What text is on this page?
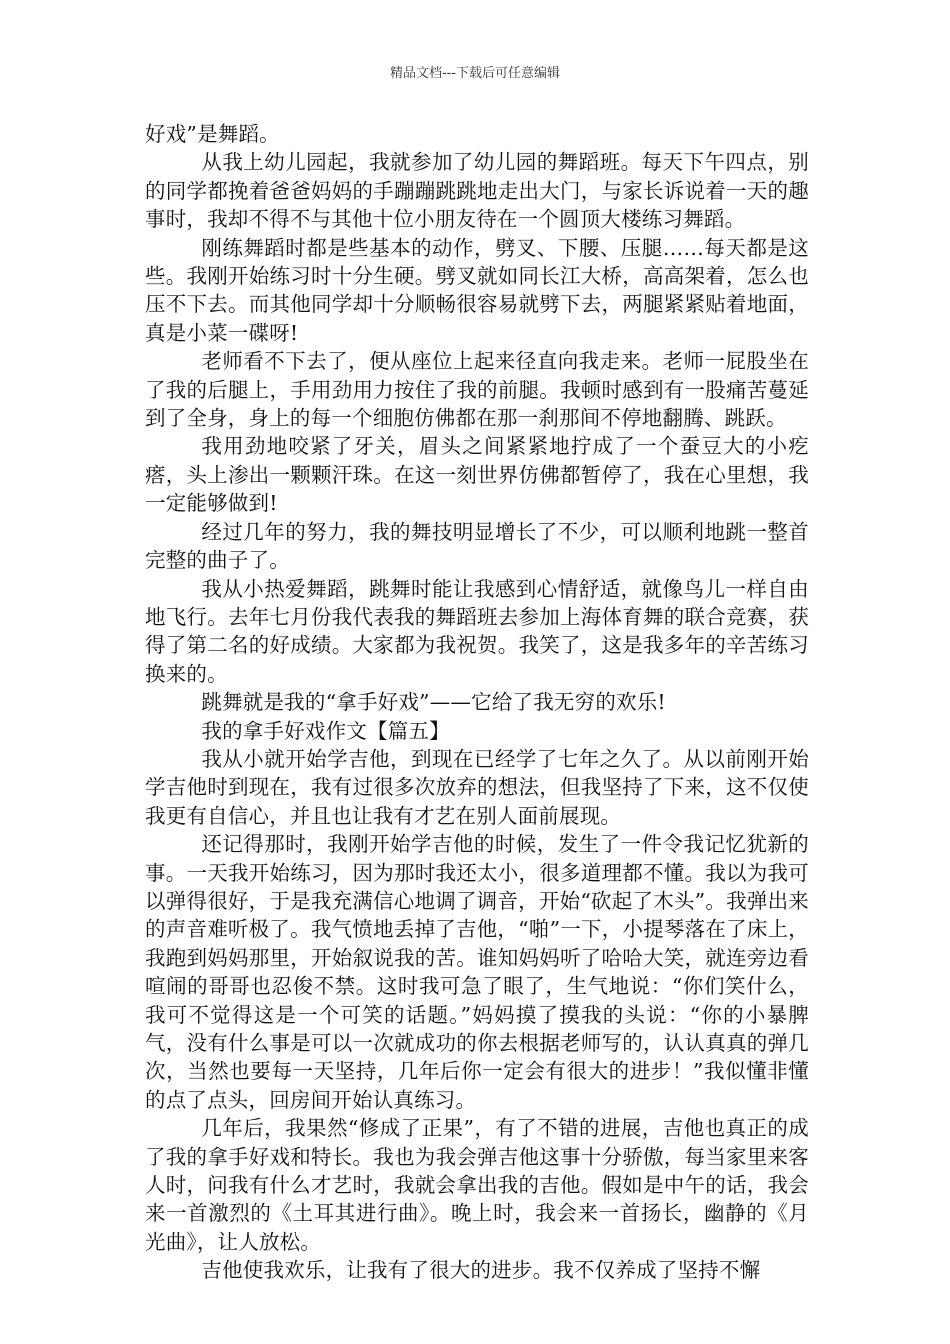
精品文档---下载后可任意编辑

好戏”是舞蹈。

从我上幼儿园起，我就参加了幼儿园的舞蹈班。每天下午四点，别的同学都挽着爸爸妈妈的手蹦蹦跳跳地走出大门，与家长诉说着一天的趣事时，我却不得不与其他十位小朋友待在一个圆顶大楼练习舞蹈。

刚练舞蹈时都是些基本的动作，劈叉、下腰、压腿……每天都是这些。我刚开始练习时十分生硬。劈叉就如同长江大桥，高高架着，怎么也压不下去。而其他同学却十分顺畅很容易就劈下去，两腿紧紧贴着地面，真是小菜一碟呀!

老师看不下去了，便从座位上起来径直向我走来。老师一屁股坐在了我的后腿上，手用劲用力按住了我的前腿。我顿时感到有一股痛苦蔓延到了全身，身上的每一个细胞仿佛都在那一刹那间不停地翻腾、跳跃。

我用劲地咬紧了牙关，眉头之间紧紧地拧成了一个蚕豆大的小疙瘩，头上渗出一颗颗汗珠。在这一刻世界仿佛都暂停了，我在心里想，我一定能够做到!

经过几年的努力，我的舞技明显增长了不少，可以顺利地跳一整首完整的曲子了。

我从小热爱舞蹈，跳舞时能让我感到心情舒适，就像鸟儿一样自由地飞行。去年七月份我代表我的舞蹈班去参加上海体育舞的联合竞赛，获得了第二名的好成绩。大家都为我祝贺。我笑了，这是我多年的辛苦练习换来的。

跳舞就是我的“拿手好戏”——它给了我无穷的欢乐!

我的拿手好戏作文【篇五】

我从小就开始学吉他，到现在已经学了七年之久了。从以前刚开始学吉他时到现在，我有过很多次放弃的想法，但我坚持了下来，这不仅使我更有自信心，并且也让我有才艺在别人面前展现。

还记得那时，我刚开始学吉他的时候，发生了一件令我记忆犹新的事。一天我开始练习，因为那时我还太小，很多道理都不懂。我以为我可以弹得很好，于是我充满信心地调了调音，开始“砍起了木头”。我弹出来的声音难听极了。我气愤地丢掉了吉他，“啪”一下，小提琴落在了床上，我跑到妈妈那里，开始叙说我的苦。谁知妈妈听了哈哈大笑，就连旁边看喧闹的哥哥也忍俊不禁。这时我可急了眼了，生气地说：“你们笑什么，我可不觉得这是一个可笑的话题。”妈妈摸了摸我的头说：“你的小暴脾气，没有什么事是可以一次就成功的你去根据老师写的，认认真真的弹几次，当然也要每一天坚持，几年后你一定会有很大的进步！”我似懂非懂的点了点头，回房间开始认真练习。

几年后，我果然“修成了正果”，有了不错的进展，吉他也真正的成了我的拿手好戏和特长。我也为我会弹吉他这事十分骄傲，每当家里来客人时，问我有什么才艺时，我就会拿出我的吉他。假如是中午的话，我会来一首激烈的《土耳其进行曲》。晚上时，我会来一首扬长，幽静的《月光曲》，让人放松。

吉他使我欢乐，让我有了很大的进步。我不仅养成了坚持不懈
